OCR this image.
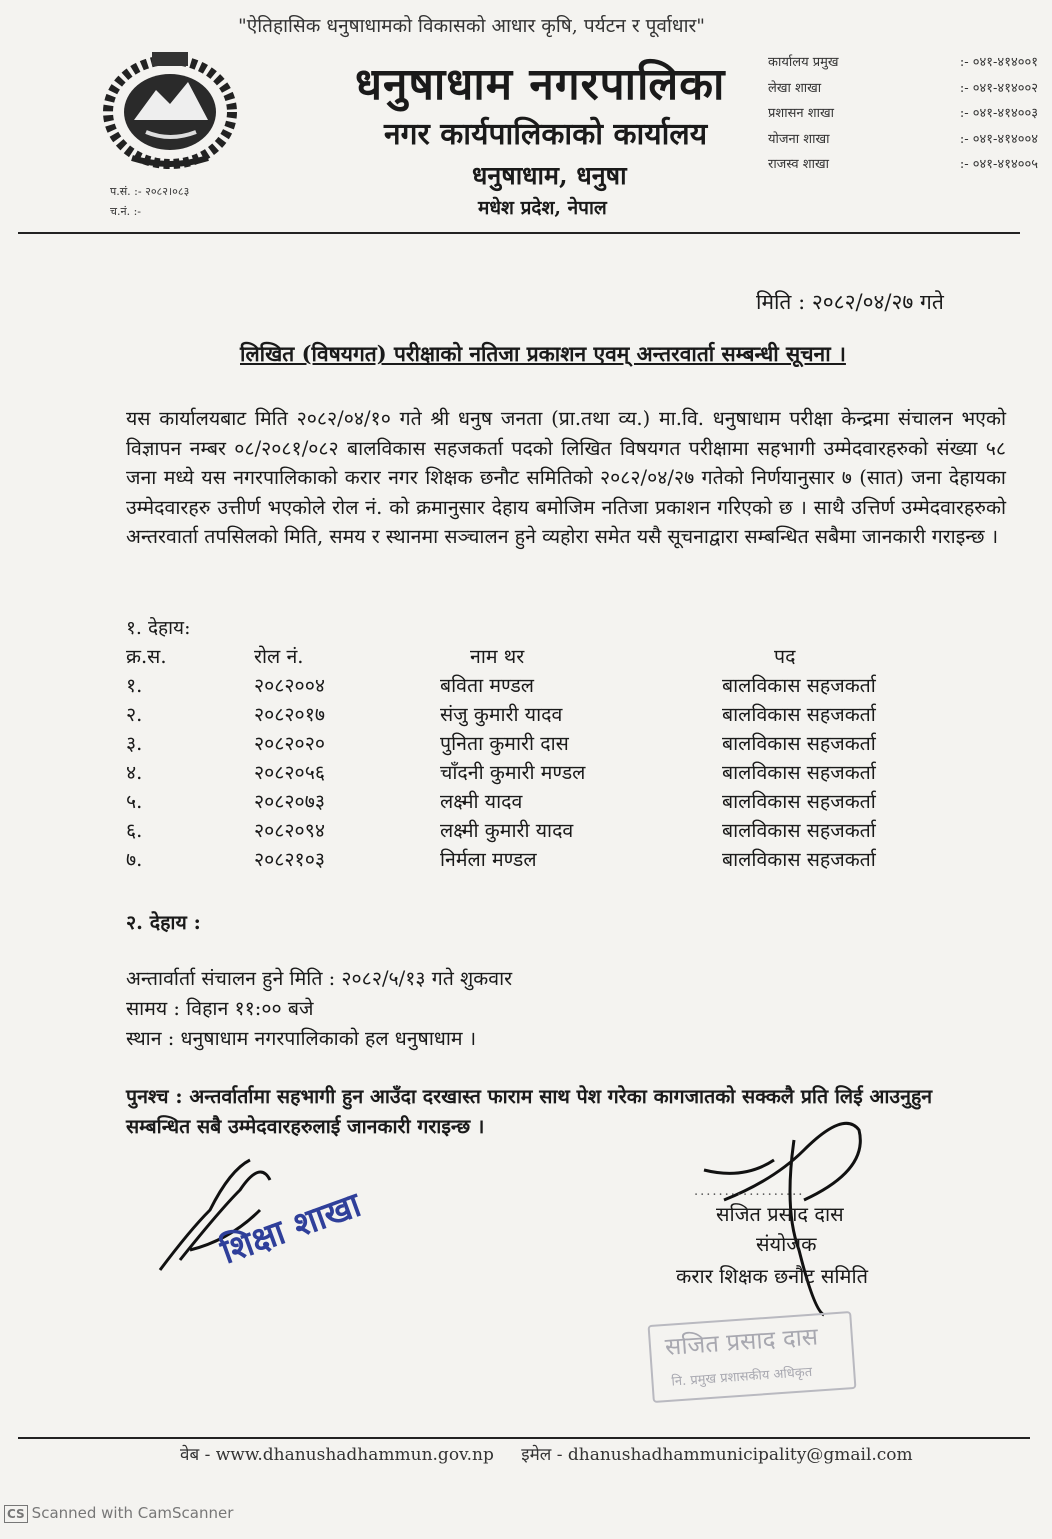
"ऐतिहासिक धनुषाधामको विकासको आधार कृषि, पर्यटन र पूर्वाधार"
प.सं. :- २०८२।०८३
च.नं. :-
धनुषाधाम नगरपालिका
नगर कार्यपालिकाको कार्यालय
धनुषाधाम, धनुषा
मधेश प्रदेश, नेपाल
कार्यालय प्रमुख	:- ०४१-४१४००१
लेखा शाखा	:- ०४१-४१४००२
प्रशासन शाखा	:- ०४१-४१४००३
योजना शाखा	:- ०४१-४१४००४
राजस्व शाखा	:- ०४१-४१४००५
मिति : २०८२/०४/२७ गते
लिखित (विषयगत) परीक्षाको नतिजा प्रकाशन एवम् अन्तरवार्ता सम्बन्धी सूचना ।
यस कार्यालयबाट मिति २०८२/०४/१० गते श्री धनुष जनता (प्रा.तथा व्य.) मा.वि. धनुषाधाम परीक्षा केन्द्रमा संचालन भएको विज्ञापन नम्बर ०८/२०८१/०८२ बालविकास सहजकर्ता पदको लिखित विषयगत परीक्षामा सहभागी उम्मेदवारहरुको संख्या ५८ जना मध्ये यस नगरपालिकाको करार नगर शिक्षक छनौट समितिको २०८२/०४/२७ गतेको निर्णयानुसार ७ (सात) जना देहायका उम्मेदवारहरु उत्तीर्ण भएकोले रोल नं. को क्रमानुसार देहाय बमोजिम नतिजा प्रकाशन गरिएको छ । साथै उत्तिर्ण उम्मेदवारहरुको अन्तरवार्ता तपसिलको मिति, समय र स्थानमा सञ्चालन हुने व्यहोरा समेत यसै सूचनाद्वारा सम्बन्धित सबैमा जानकारी गराइन्छ ।
१. देहाय:
क्र.स.	रोल नं.	नाम थर	पद
१.	२०८२००४	बविता मण्डल	बालविकास सहजकर्ता
२.	२०८२०१७	संजु कुमारी यादव	बालविकास सहजकर्ता
३.	२०८२०२०	पुनिता कुमारी दास	बालविकास सहजकर्ता
४.	२०८२०५६	चाँदनी कुमारी मण्डल	बालविकास सहजकर्ता
५.	२०८२०७३	लक्ष्मी यादव	बालविकास सहजकर्ता
६.	२०८२०९४	लक्ष्मी कुमारी यादव	बालविकास सहजकर्ता
७.	२०८२१०३	निर्मला मण्डल	बालविकास सहजकर्ता
२. देहाय :
अन्तार्वार्ता संचालन हुने मिति : २०८२/५/१३ गते शुकवार
सामय : विहान ११:०० बजे
स्थान : धनुषाधाम नगरपालिकाको हल धनुषाधाम ।
पुनश्च : अन्तर्वार्तामा सहभागी हुन आउँदा दरखास्त फाराम साथ पेश गरेका कागजातको सक्कलै प्रति लिई आउनुहुन सम्बन्धित सबै उम्मेदवारहरुलाई जानकारी गराइन्छ ।
..................
सजित प्रसाद दास
संयोजक
करार शिक्षक छनौट समिति
शिक्षा शाखा
सजित प्रसाद दास
नि. प्रमुख प्रशासकीय अधिकृत
वेब - www.dhanushadhammun.gov.np इमेल - dhanushadhammunicipality@gmail.com
CS Scanned with CamScanner
